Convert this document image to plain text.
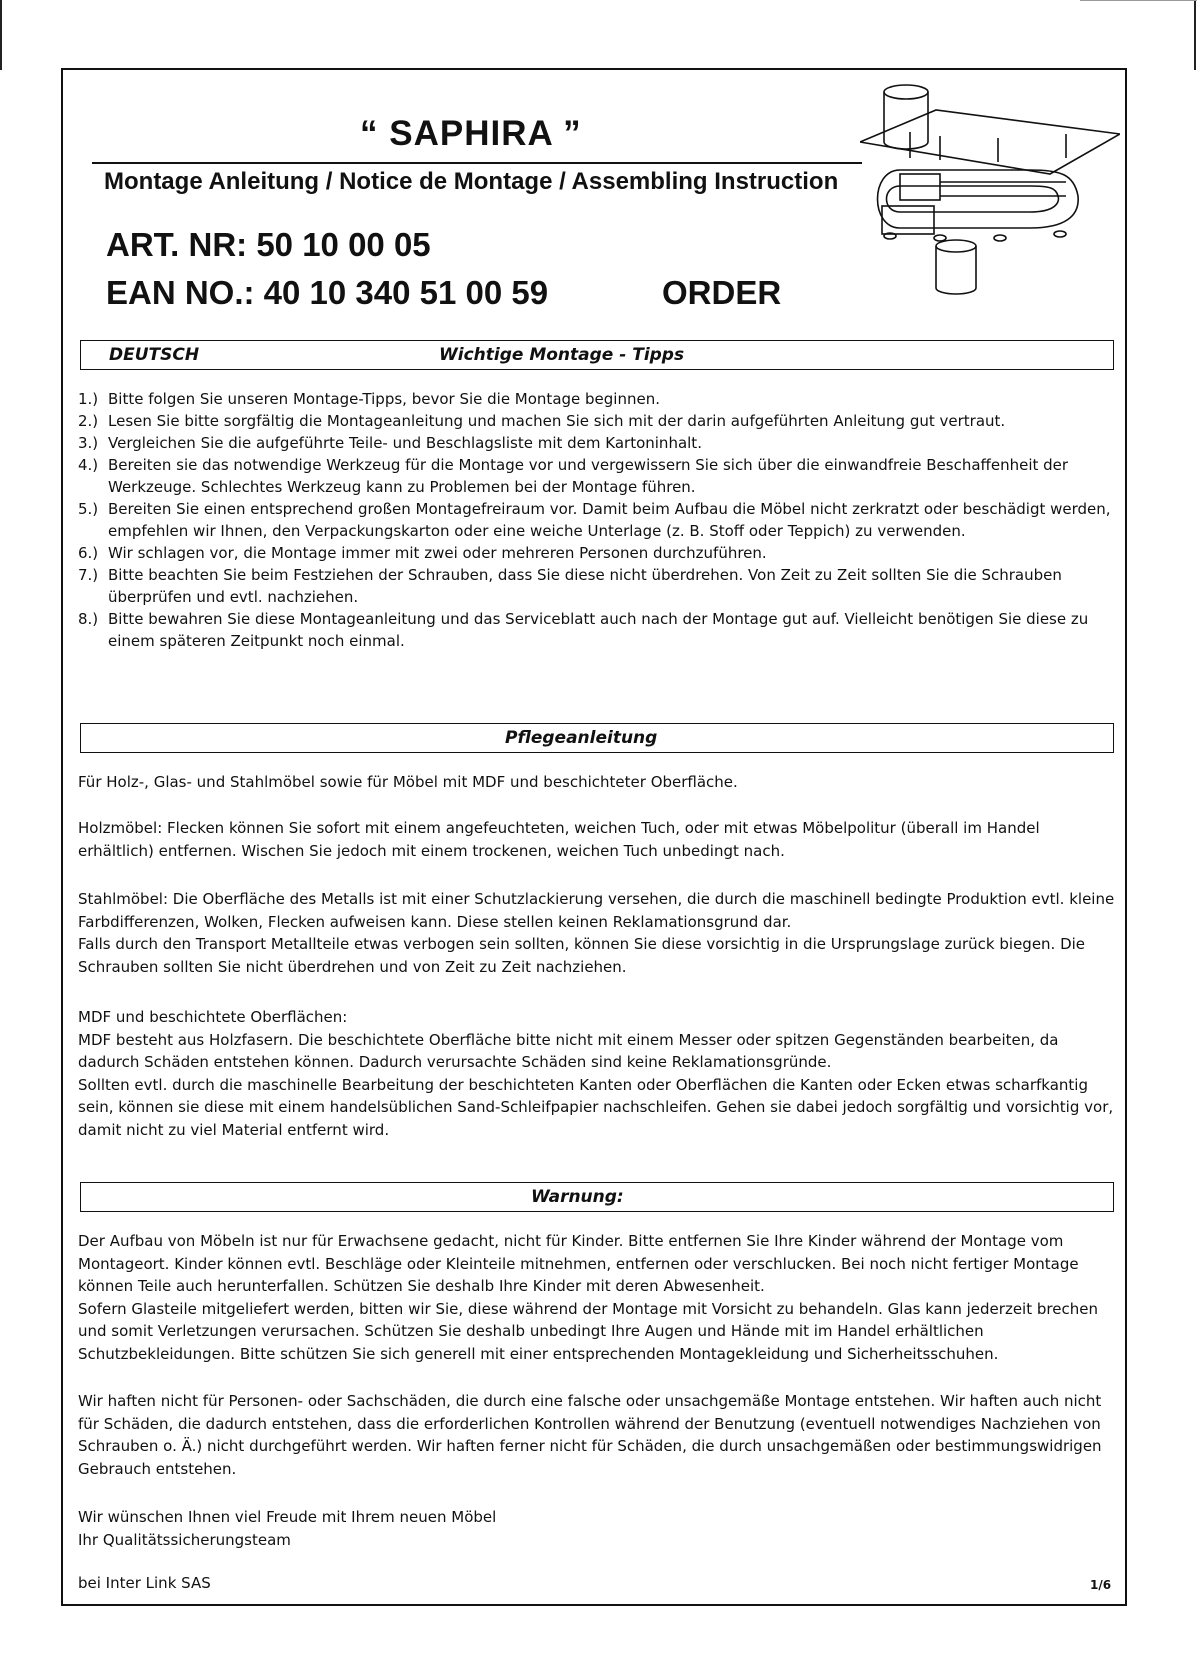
“ SAPHIRA ”
Montage Anleitung / Notice de Montage / Assembling Instruction
ART. NR: 50 10 00 05
EAN NO.: 40 10 340 51 00 59	ORDER
DEUTSCH	Wichtige Montage - Tipps
1.) Bitte folgen Sie unseren Montage-Tipps, bevor Sie die Montage beginnen.
2.) Lesen Sie bitte sorgfältig die Montageanleitung und machen Sie sich mit der darin aufgeführten Anleitung gut vertraut.
3.) Vergleichen Sie die aufgeführte Teile- und Beschlagsliste mit dem Kartoninhalt.
4.) Bereiten sie das notwendige Werkzeug für die Montage vor und vergewissern Sie sich über die einwandfreie Beschaffenheit der Werkzeuge. Schlechtes Werkzeug kann zu Problemen bei der Montage führen.
5.) Bereiten Sie einen entsprechend großen Montagefreiraum vor. Damit beim Aufbau die Möbel nicht zerkratzt oder beschädigt werden, empfehlen wir Ihnen, den Verpackungskarton oder eine weiche Unterlage (z. B. Stoff oder Teppich) zu verwenden.
6.) Wir schlagen vor, die Montage immer mit zwei oder mehreren Personen durchzuführen.
7.) Bitte beachten Sie beim Festziehen der Schrauben, dass Sie diese nicht überdrehen. Von Zeit zu Zeit sollten Sie die Schrauben überprüfen und evtl. nachziehen.
8.) Bitte bewahren Sie diese Montageanleitung und das Serviceblatt auch nach der Montage gut auf. Vielleicht benötigen Sie diese zu einem späteren Zeitpunkt noch einmal.
Pflegeanleitung
Für Holz-, Glas- und Stahlmöbel sowie für Möbel mit MDF und beschichteter Oberfläche.
Holzmöbel: Flecken können Sie sofort mit einem angefeuchteten, weichen Tuch, oder mit etwas Möbelpolitur (überall im Handel erhältlich) entfernen. Wischen Sie jedoch mit einem trockenen, weichen Tuch unbedingt nach.
Stahlmöbel: Die Oberfläche des Metalls ist mit einer Schutzlackierung versehen, die durch die maschinell bedingte Produktion evtl. kleine Farbdifferenzen, Wolken, Flecken aufweisen kann. Diese stellen keinen Reklamationsgrund dar.
Falls durch den Transport Metallteile etwas verbogen sein sollten, können Sie diese vorsichtig in die Ursprungslage zurück biegen. Die Schrauben sollten Sie nicht überdrehen und von Zeit zu Zeit nachziehen.
MDF und beschichtete Oberflächen:
MDF besteht aus Holzfasern. Die beschichtete Oberfläche bitte nicht mit einem Messer oder spitzen Gegenständen bearbeiten, da dadurch Schäden entstehen können. Dadurch verursachte Schäden sind keine Reklamationsgründe.
Sollten evtl. durch die maschinelle Bearbeitung der beschichteten Kanten oder Oberflächen die Kanten oder Ecken etwas scharfkantig sein, können sie diese mit einem handelsüblichen Sand-Schleifpapier nachschleifen. Gehen sie dabei jedoch sorgfältig und vorsichtig vor, damit nicht zu viel Material entfernt wird.
Warnung:
Der Aufbau von Möbeln ist nur für Erwachsene gedacht, nicht für Kinder. Bitte entfernen Sie Ihre Kinder während der Montage vom Montageort. Kinder können evtl. Beschläge oder Kleinteile mitnehmen, entfernen oder verschlucken. Bei noch nicht fertiger Montage können Teile auch herunterfallen. Schützen Sie deshalb Ihre Kinder mit deren Abwesenheit.
Sofern Glasteile mitgeliefert werden, bitten wir Sie, diese während der Montage mit Vorsicht zu behandeln. Glas kann jederzeit brechen und somit Verletzungen verursachen. Schützen Sie deshalb unbedingt Ihre Augen und Hände mit im Handel erhältlichen Schutzbekleidungen. Bitte schützen Sie sich generell mit einer entsprechenden Montagekleidung und Sicherheitsschuhen.
Wir haften nicht für Personen- oder Sachschäden, die durch eine falsche oder unsachgemäße Montage entstehen. Wir haften auch nicht für Schäden, die dadurch entstehen, dass die erforderlichen Kontrollen während der Benutzung (eventuell notwendiges Nachziehen von Schrauben o. Ä.) nicht durchgeführt werden. Wir haften ferner nicht für Schäden, die durch unsachgemäßen oder bestimmungswidrigen Gebrauch entstehen.
Wir wünschen Ihnen viel Freude mit Ihrem neuen Möbel
Ihr Qualitätssicherungsteam
bei Inter Link SAS	1/6
